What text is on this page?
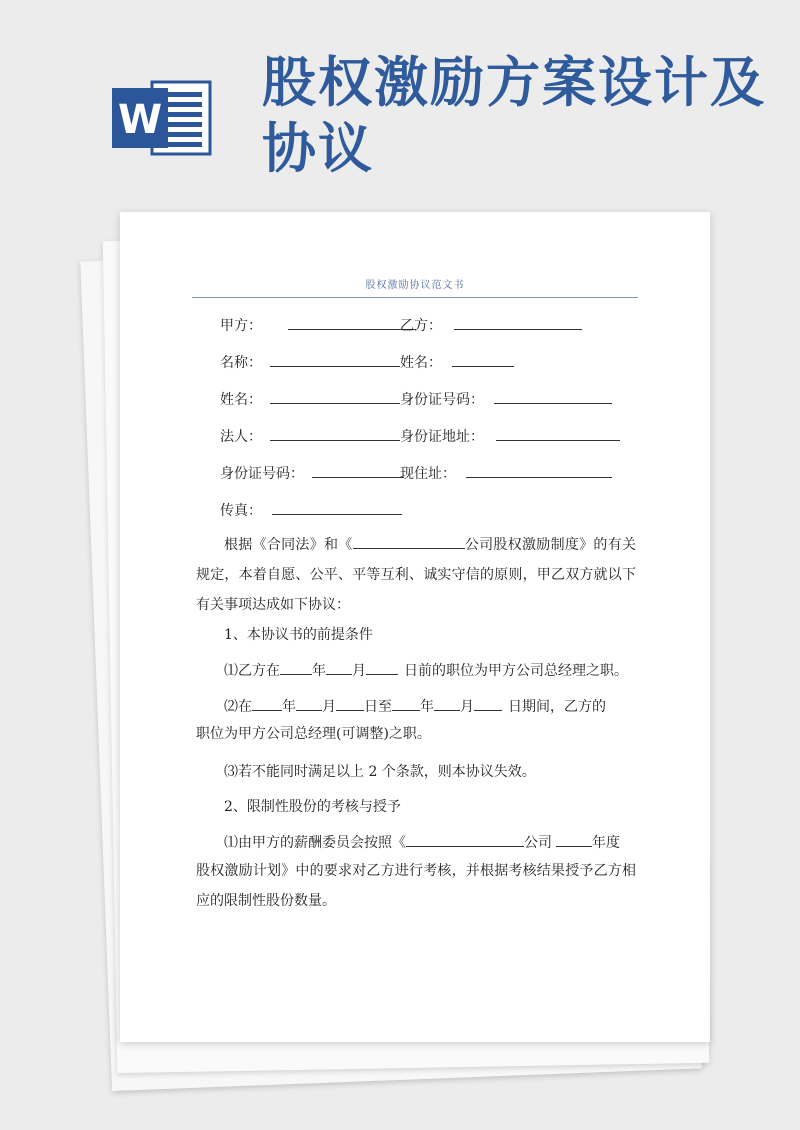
W
股权激励方案设计及协议
股权激励协议范文书
甲方：	乙方：
名称：	姓名：
姓名：	身份证号码：
法人：	身份证地址：
身份证号码：	现住址：
传真：
根据《合同法》和《	公司股权激励制度》的有关规定，本着自愿、公平、平等互利、诚实守信的原则，甲乙双方就以下有关事项达成如下协议：
1、本协议书的前提条件
⑴乙方在 年 月	日前的职位为甲方公司总经理之职。
⑵在 年 月 日至 年 月 日期间，乙方的
职位为甲方公司总经理(可调整)之职。
⑶若不能同时满足以上 2 个条款，则本协议失效。
2、限制性股份的考核与授予
⑴由甲方的薪酬委员会按照《	公司	年度
股权激励计划》中的要求对乙方进行考核，并根据考核结果授予乙方相应的限制性股份数量。
